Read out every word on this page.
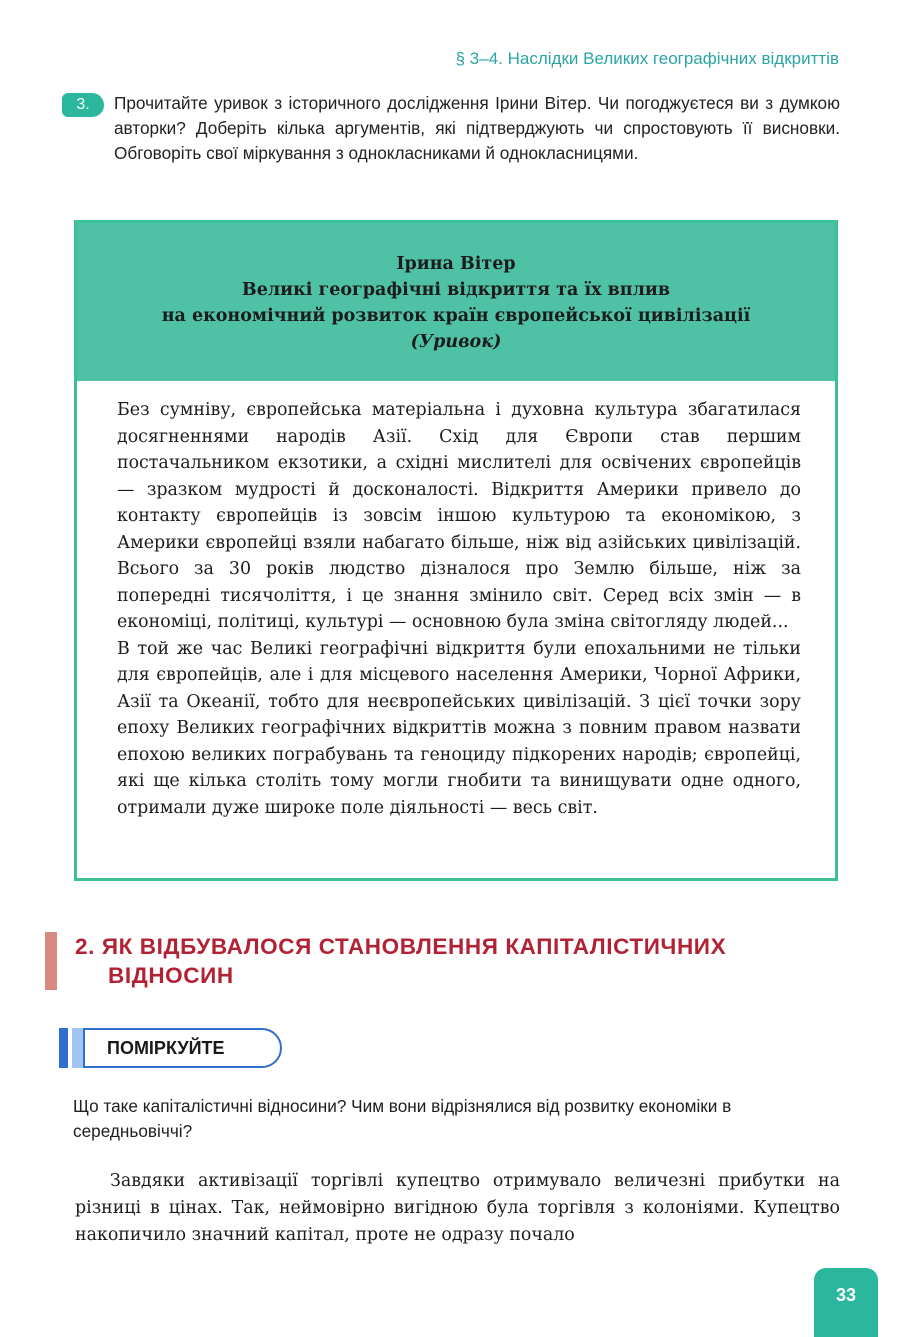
§ 3–4. Наслідки Великих географічних відкриттів
3.	Прочитайте уривок з історичного дослідження Ірини Вітер. Чи погоджуєтеся ви з думкою авторки? Доберіть кілька аргументів, які підтверджують чи спростовують її висновки. Обговоріть свої міркування з однокласниками й однокласницями.
Ірина Вітер
Великі географічні відкриття та їх вплив
на економічний розвиток країн європейської цивілізації
(Уривок)

Без сумніву, європейська матеріальна і духовна культура збагатилася досягненнями народів Азії. Схід для Європи став першим постачальником екзотики, а східні мислителі для освічених європейців — зразком мудрості й досконалості. Відкриття Америки привело до контакту європейців із зовсім іншою культурою та економікою, з Америки європейці взяли набагато більше, ніж від азійських цивілізацій. Всього за 30 років людство дізналося про Землю більше, ніж за попередні тисячоліття, і це знання змінило світ. Серед всіх змін — в економіці, політиці, культурі — основною була зміна світогляду людей...

В той же час Великі географічні відкриття були епохальними не тільки для європейців, але і для місцевого населення Америки, Чорної Африки, Азії та Океанії, тобто для неєвропейських цивілізацій. З цієї точки зору епоху Великих географічних відкриттів можна з повним правом назвати епохою великих пограбувань та геноциду підкорених народів; європейці, які ще кілька століть тому могли гнобити та винищувати одне одного, отримали дуже широке поле діяльності — весь світ.

2. ЯК ВІДБУВАЛОСЯ СТАНОВЛЕННЯ КАПІТАЛІСТИЧНИХ
ВІДНОСИН
ПОМІРКУЙТЕ
Що таке капіталістичні відносини? Чим вони відрізнялися від розвитку економіки в середньовіччі?

Завдяки активізації торгівлі купецтво отримувало величезні прибутки на різниці в цінах. Так, неймовірно вигідною була торгівля з колоніями. Купецтво накопичило значний капітал, проте не одразу почало

33
